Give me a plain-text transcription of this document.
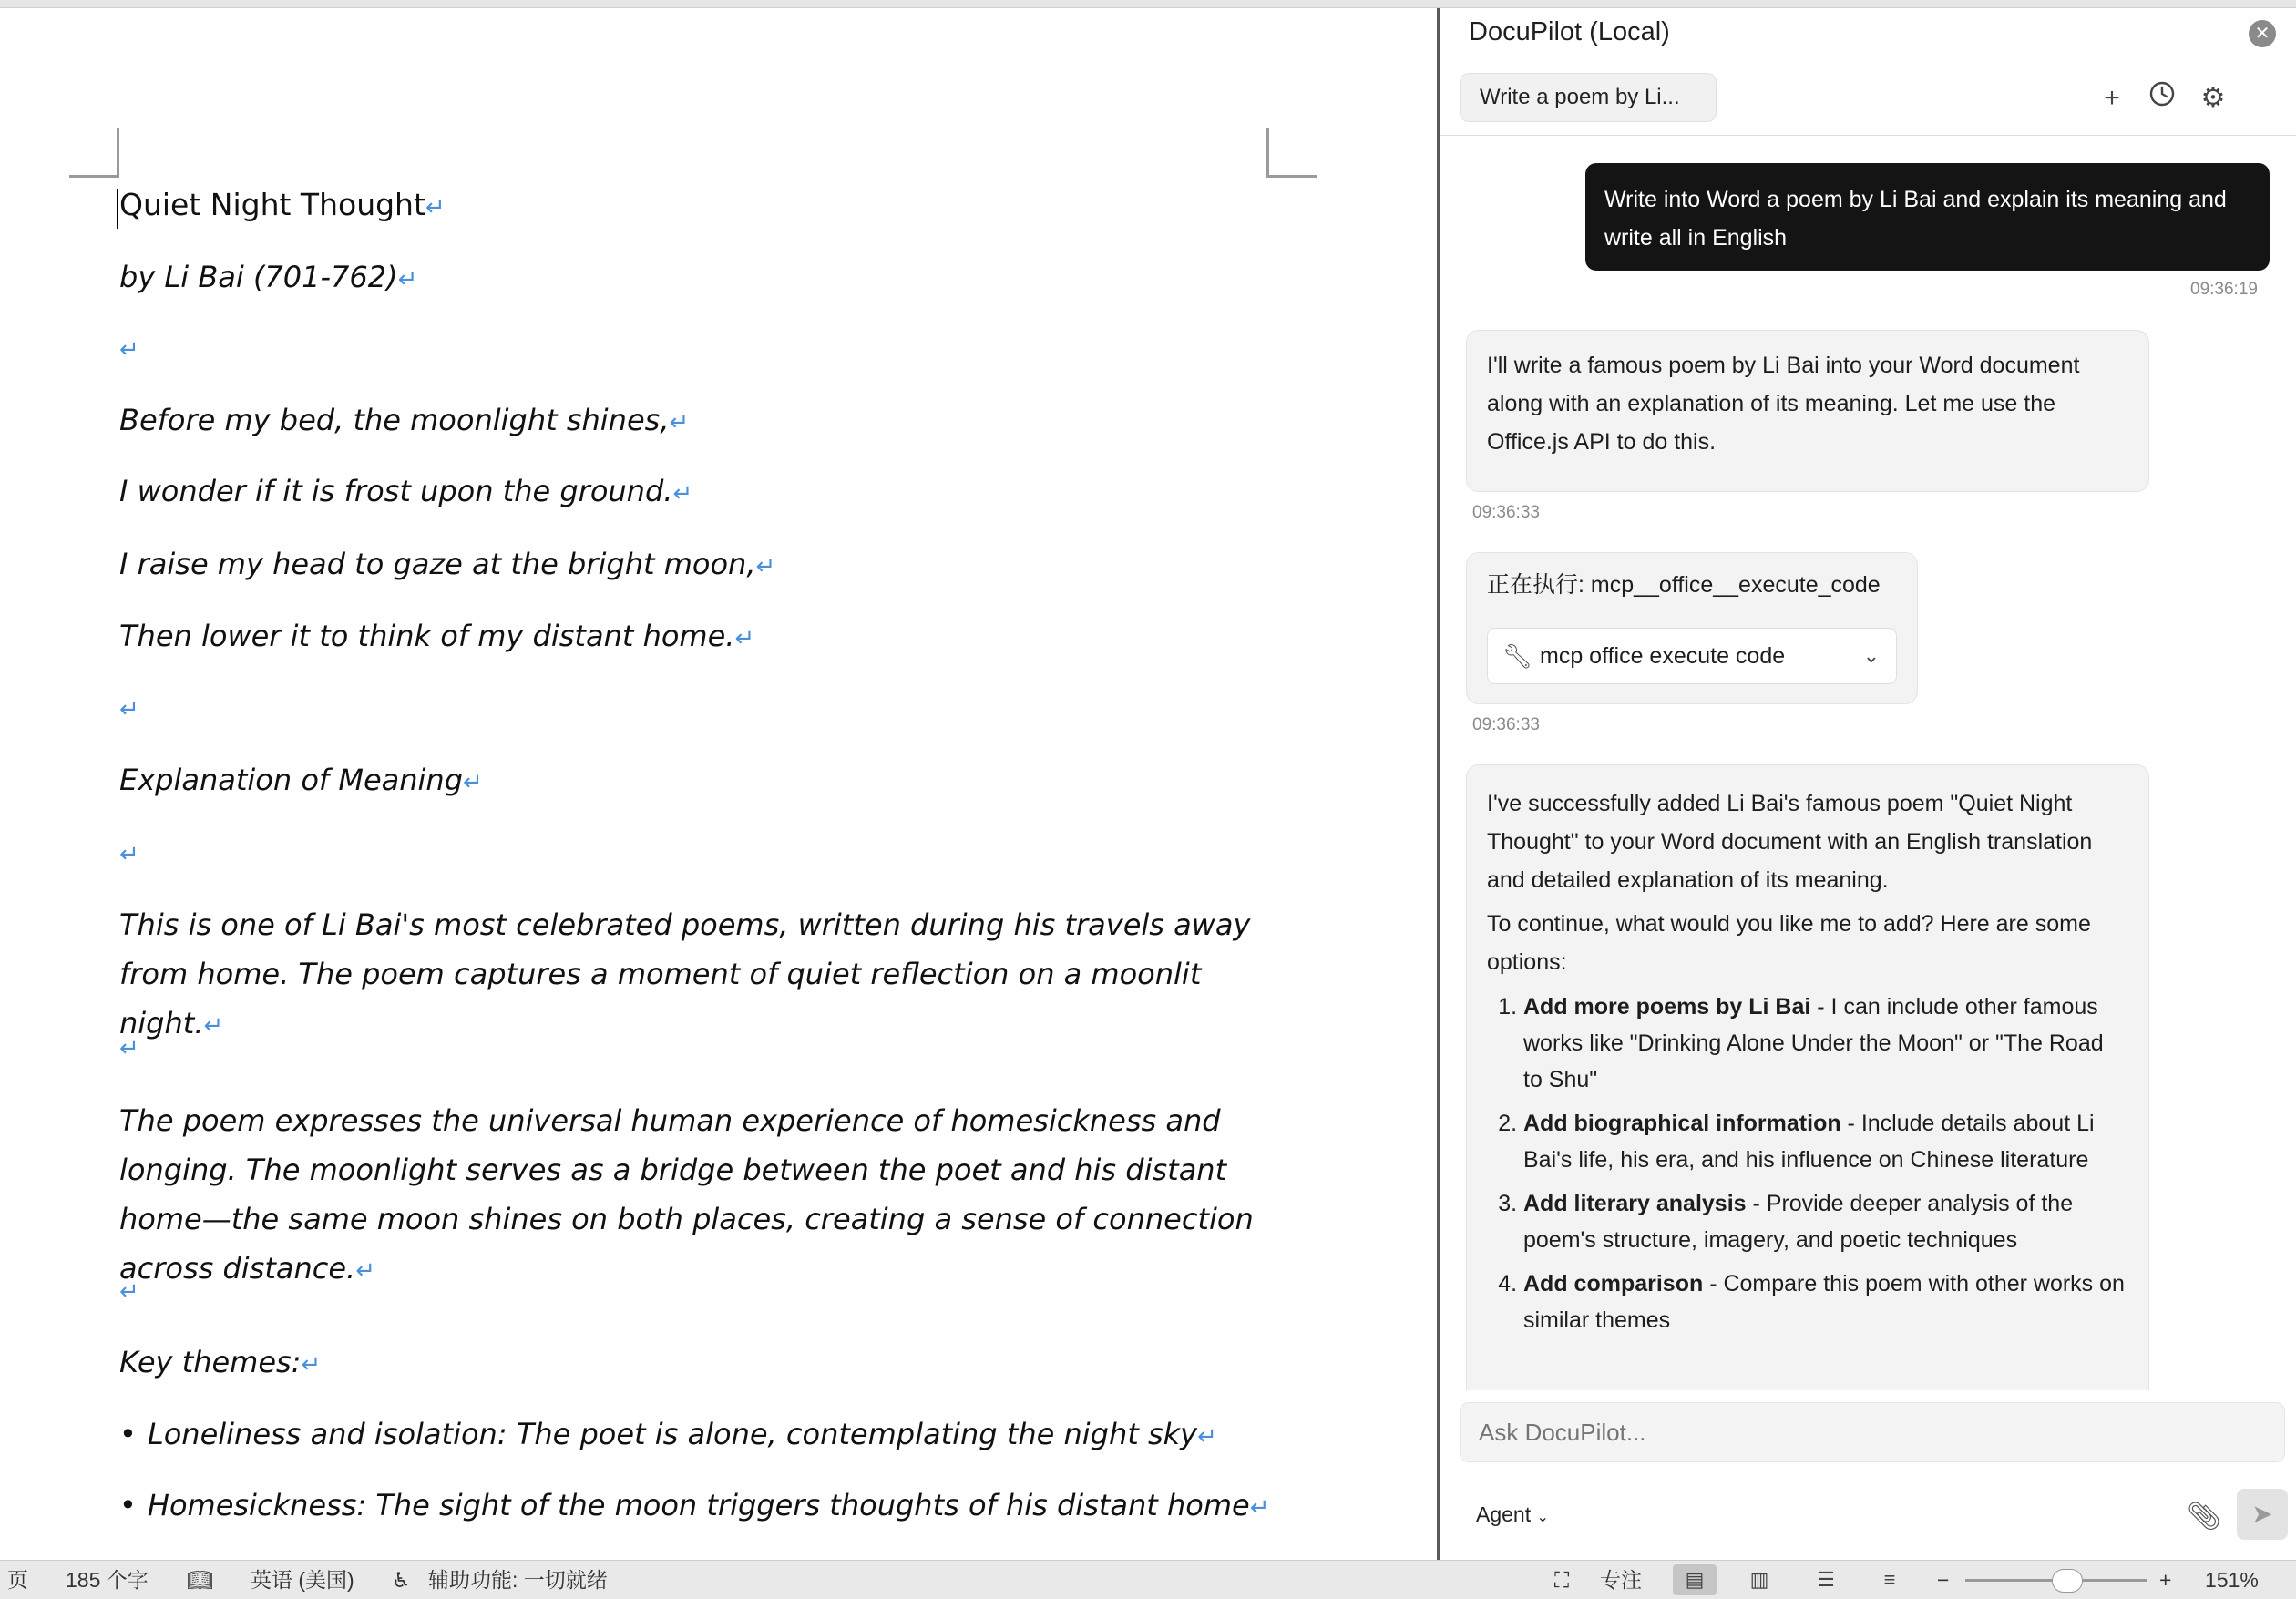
Quiet Night Thought↵
by Li Bai (701-762)↵
↵
Before my bed, the moonlight shines,↵
I wonder if it is frost upon the ground.↵
I raise my head to gaze at the bright moon,↵
Then lower it to think of my distant home.↵
↵
Explanation of Meaning↵
↵
This is one of Li Bai's most celebrated poems, written during his travels away from home. The poem captures a moment of quiet reflection on a moonlit night.↵
↵
The poem expresses the universal human experience of homesickness and longing. The moonlight serves as a bridge between the poet and his distant home—the same moon shines on both places, creating a sense of connection across distance.↵
↵
Key themes:↵
• Loneliness and isolation: The poet is alone, contemplating the night sky↵
• Homesickness: The sight of the moon triggers thoughts of his distant home↵
DocuPilot (Local)	✕
Write a poem by Li...	+	⚙
Write into Word a poem by Li Bai and explain its meaning and write all in English
09:36:19
I'll write a famous poem by Li Bai into your Word document along with an explanation of its meaning. Let me use the Office.js API to do this.
09:36:33
正在执行: mcp__office__execute_code
🔧︎ mcp office execute code	⌄
09:36:33

I've successfully added Li Bai's famous poem "Quiet Night Thought" to your Word document with an English translation and detailed explanation of its meaning.

To continue, what would you like me to add? Here are some options:

1. Add more poems by Li Bai - I can include other famous works like "Drinking Alone Under the Moon" or "The Road to Shu"
2. Add biographical information - Include details about Li Bai's life, his era, and his influence on Chinese literature
3. Add literary analysis - Provide deeper analysis of the poem's structure, imagery, and poetic techniques
4. Add comparison - Compare this poem with other works on similar themes
Ask DocuPilot...
Agent ⌄	📎︎	➤
页 185 个字 📖︎ 英语 (美国) ♿︎ 辅助功能: 一切就绪	⛶ 专注	▤	▥	☰	≡	−	+ 151%
